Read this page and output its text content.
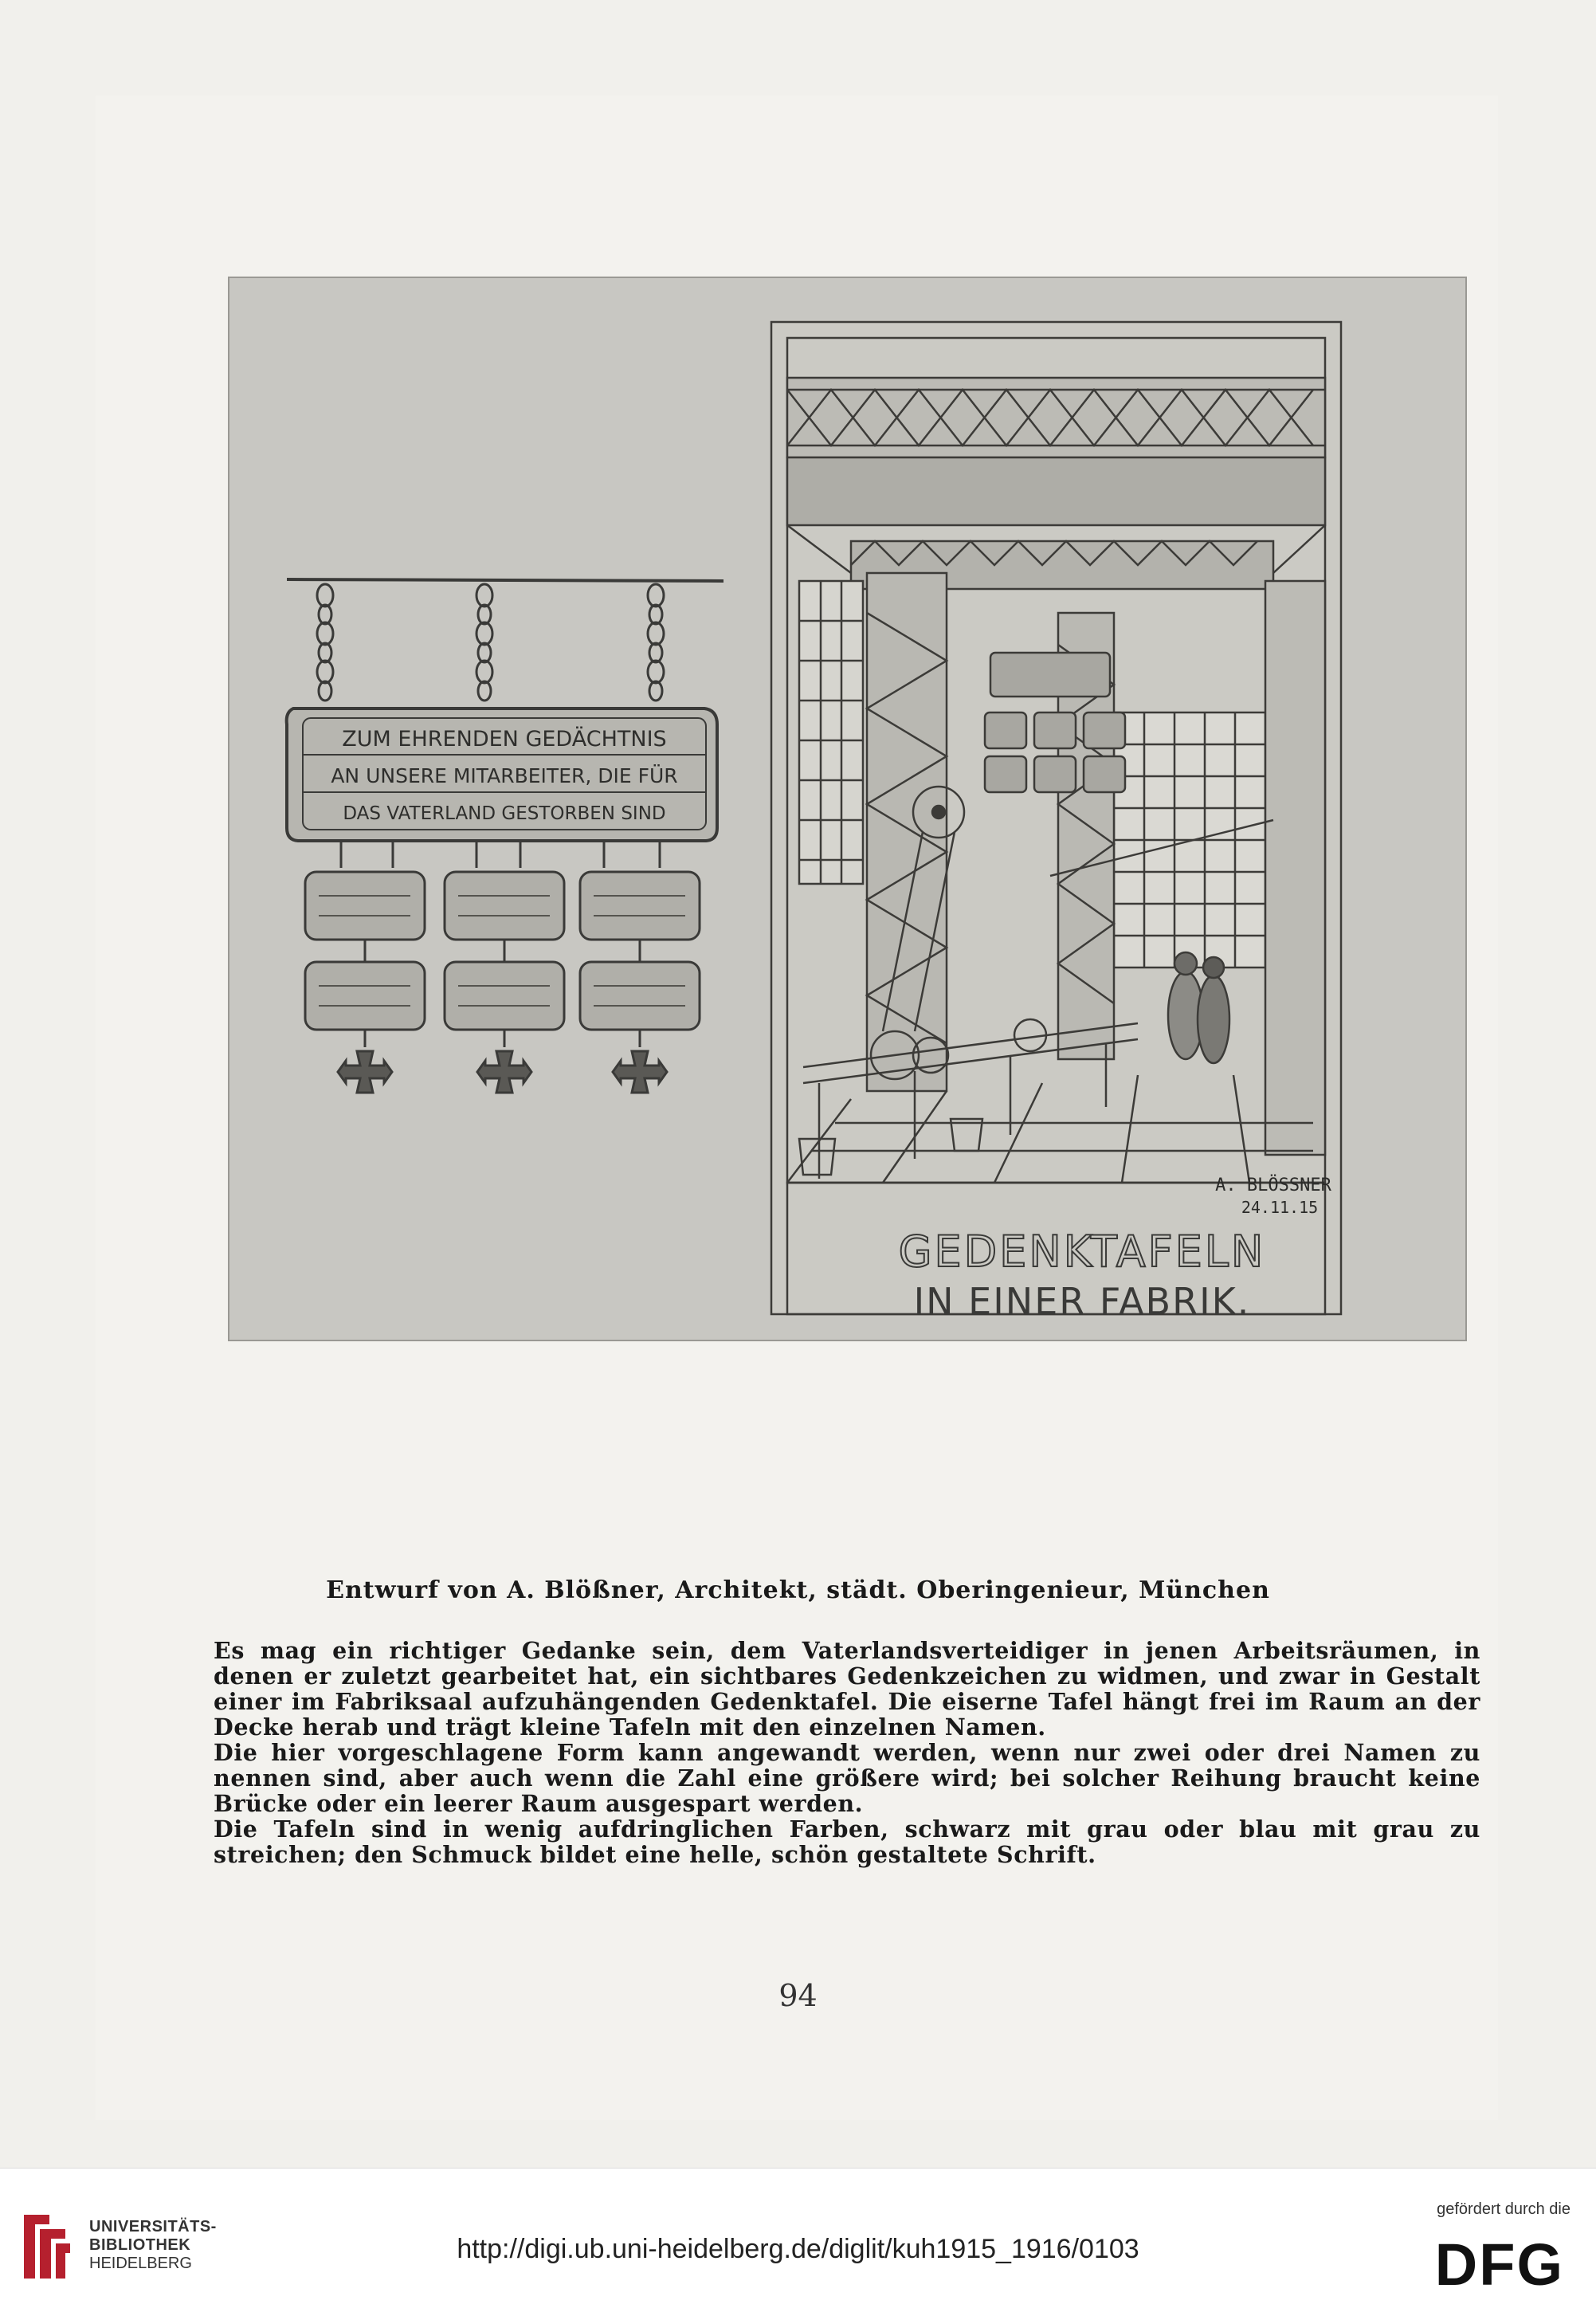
ZUM EHRENDEN GEDÄCHTNIS
AN UNSERE MITARBEITER, DIE FÜR
DAS VATERLAND GESTORBEN SIND
GEDENKTAFELN
IN EINER FABRIK.
A. BLÖSSNER
24.11.15
Entwurf von A. Blößner, Architekt, städt. Oberingenieur, München

Es mag ein richtiger Gedanke sein, dem Vaterlandsverteidiger in jenen Arbeitsräumen, in denen er zuletzt gearbeitet hat, ein sichtbares Gedenkzeichen zu widmen, und zwar in Gestalt einer im Fabriksaal aufzuhängenden Gedenktafel. Die eiserne Tafel hängt frei im Raum an der Decke herab und trägt kleine Tafeln mit den einzelnen Namen.

Die hier vorgeschlagene Form kann angewandt werden, wenn nur zwei oder drei Namen zu nennen sind, aber auch wenn die Zahl eine größere wird; bei solcher Reihung braucht keine Brücke oder ein leerer Raum ausgespart werden.

Die Tafeln sind in wenig aufdringlichen Farben, schwarz mit grau oder blau mit grau zu streichen; den Schmuck bildet eine helle, schön gestaltete Schrift.

94
UNIVERSITÄTS-
BIBLIOTHEK
HEIDELBERG	http://digi.ub.uni-heidelberg.de/diglit/kuh1915_1916/0103
gefördert durch die
DFG
